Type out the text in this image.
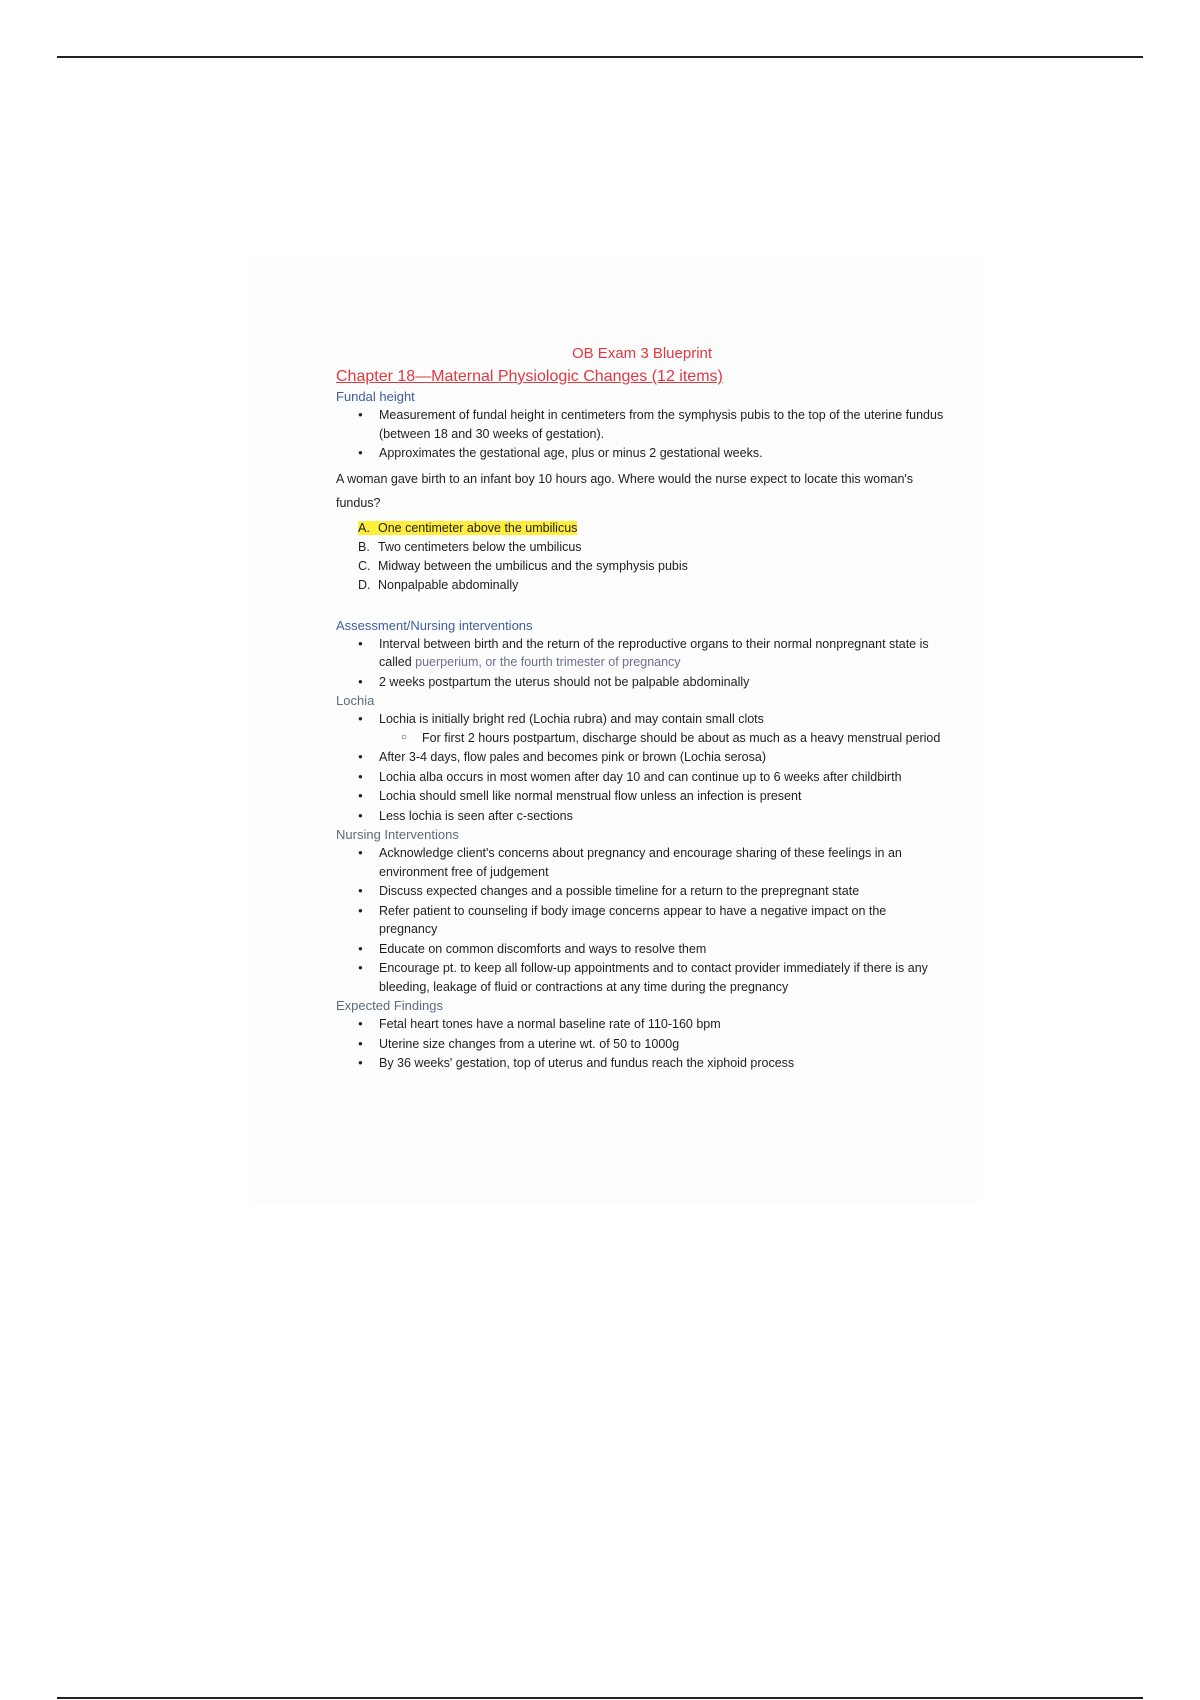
OB Exam 3 Blueprint
Chapter 18—Maternal Physiologic Changes (12 items)
Fundal height
● Measurement of fundal height in centimeters from the symphysis pubis to the top of the uterine fundus (between 18 and 30 weeks of gestation).
● Approximates the gestational age, plus or minus 2 gestational weeks.
A woman gave birth to an infant boy 10 hours ago. Where would the nurse expect to locate this woman's fundus?
A. One centimeter above the umbilicus
B. Two centimeters below the umbilicus
C. Midway between the umbilicus and the symphysis pubis
D. Nonpalpable abdominally
Assessment/Nursing interventions
● Interval between birth and the return of the reproductive organs to their normal nonpregnant state is called puerperium, or the fourth trimester of pregnancy
● 2 weeks postpartum the uterus should not be palpable abdominally
Lochia
● Lochia is initially bright red (Lochia rubra) and may contain small clots
○ For first 2 hours postpartum, discharge should be about as much as a heavy menstrual period
● After 3-4 days, flow pales and becomes pink or brown (Lochia serosa)
● Lochia alba occurs in most women after day 10 and can continue up to 6 weeks after childbirth
● Lochia should smell like normal menstrual flow unless an infection is present
● Less lochia is seen after c-sections
Nursing Interventions
● Acknowledge client's concerns about pregnancy and encourage sharing of these feelings in an environment free of judgement
● Discuss expected changes and a possible timeline for a return to the prepregnant state
● Refer patient to counseling if body image concerns appear to have a negative impact on the pregnancy
● Educate on common discomforts and ways to resolve them
● Encourage pt. to keep all follow-up appointments and to contact provider immediately if there is any bleeding, leakage of fluid or contractions at any time during the pregnancy
Expected Findings
● Fetal heart tones have a normal baseline rate of 110-160 bpm
● Uterine size changes from a uterine wt. of 50 to 1000g
● By 36 weeks' gestation, top of uterus and fundus reach the xiphoid process
